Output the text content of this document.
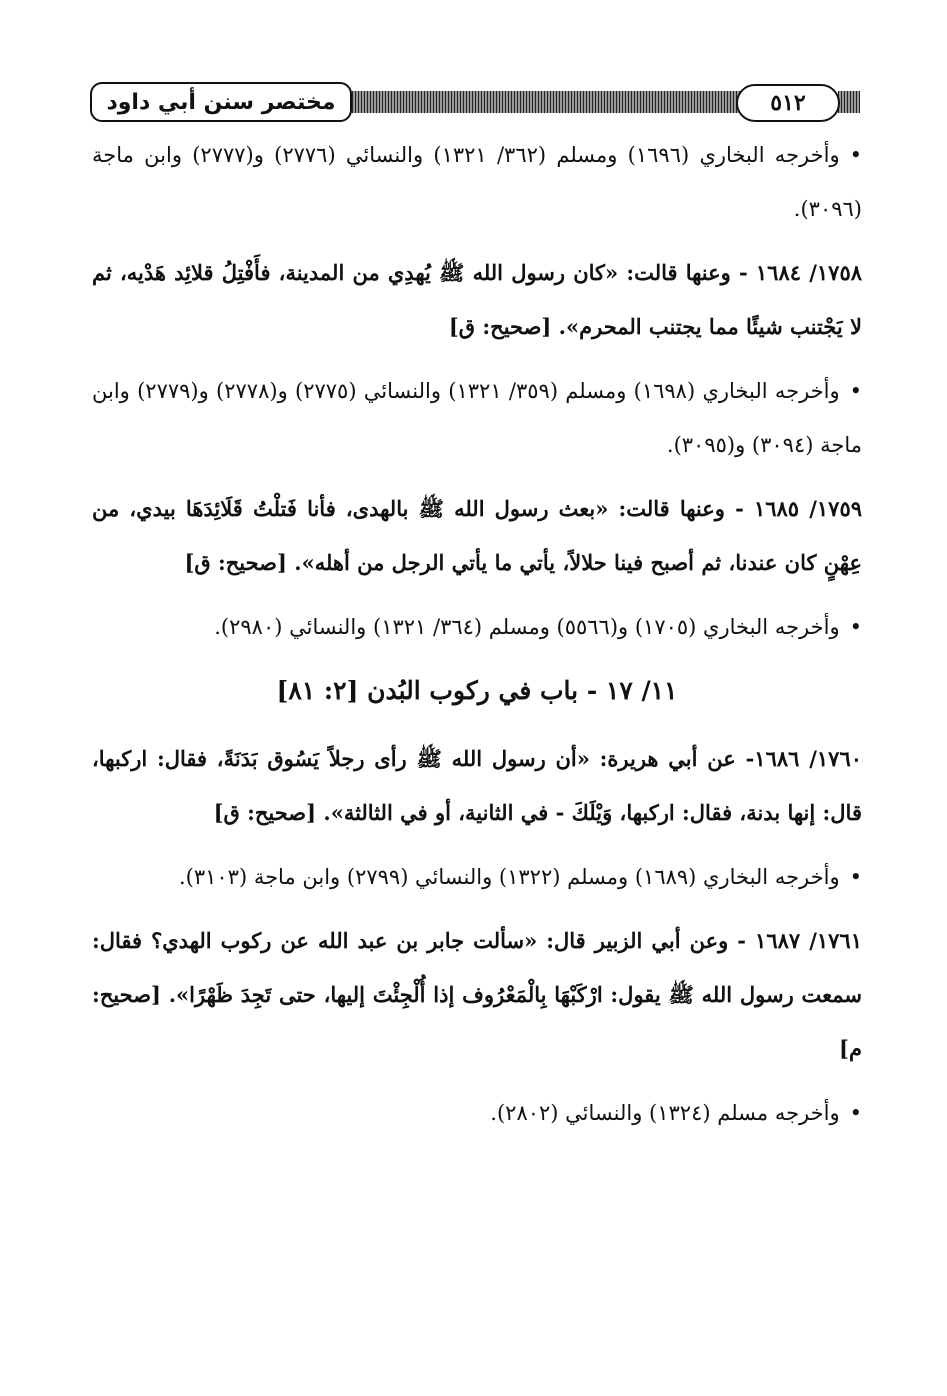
مختصر سنن أبي داود	٥١٢

•وأخرجه البخاري (١٦٩٦) ومسلم (٣٦٢/ ١٣٢١) والنسائي (٢٧٧٦) و(٢٧٧٧) وابن ماجة (٣٠٩٦).

١٧٥٨/ ١٦٨٤ - وعنها قالت: «كان رسول الله ﷺ يُهدِي من المدينة، فأَفْتِلُ قلائِد هَدْيه، ثم لا يَجْتنب شيئًا مما يجتنب المحرم». [صحيح: ق]

•وأخرجه البخاري (١٦٩٨) ومسلم (٣٥٩/ ١٣٢١) والنسائي (٢٧٧٥) و(٢٧٧٨) و(٢٧٧٩) وابن ماجة (٣٠٩٤) و(٣٠٩٥).

١٧٥٩/ ١٦٨٥ - وعنها قالت: «بعث رسول الله ﷺ بالهدى، فأنا فَتلْتُ قَلَائِدَهَا بيدي، من عِهْنٍ كان عندنا، ثم أصبح فينا حلالاً، يأتي ما يأتي الرجل من أهله». [صحيح: ق]

•وأخرجه البخاري (١٧٠٥) و(٥٥٦٦) ومسلم (٣٦٤/ ١٣٢١) والنسائي (٢٩٨٠).

١١/ ١٧ - باب في ركوب البُدن [٢: ٨١]

١٧٦٠/ ١٦٨٦- عن أبي هريرة: «أن رسول الله ﷺ رأى رجلاً يَسُوق بَدَنَةً، فقال: اركبها، قال: إنها بدنة، فقال: اركبها، وَيْلَكَ - في الثانية، أو في الثالثة». [صحيح: ق]

•وأخرجه البخاري (١٦٨٩) ومسلم (١٣٢٢) والنسائي (٢٧٩٩) وابن ماجة (٣١٠٣).

١٧٦١/ ١٦٨٧ - وعن أبي الزبير قال: «سألت جابر بن عبد الله عن ركوب الهدي؟ فقال: سمعت رسول الله ﷺ يقول: ارْكَبْهَا بِالْمَعْرُوف إذا أُلْجِئْتَ إليها، حتى تَجِدَ ظَهْرًا». [صحيح: م]

•وأخرجه مسلم (١٣٢٤) والنسائي (٢٨٠٢).
